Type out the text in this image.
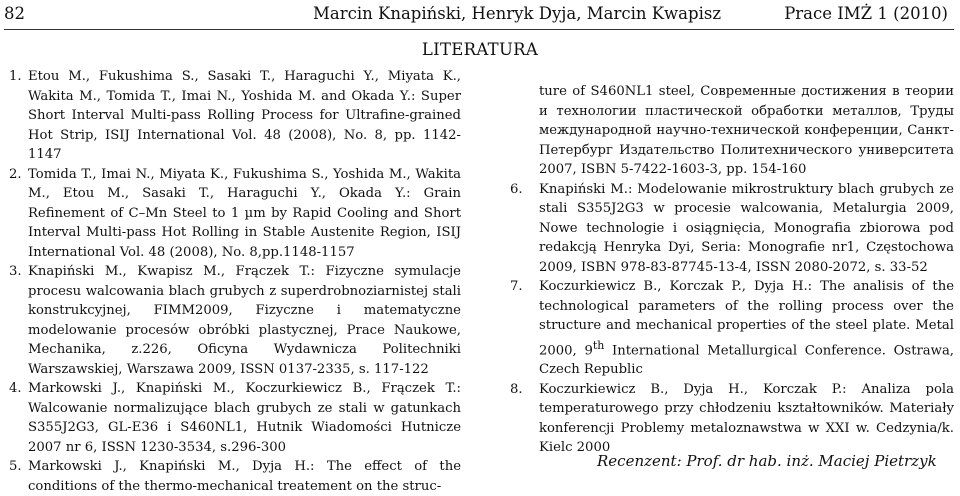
82	Marcin Knapiński, Henryk Dyja, Marcin Kwapisz	Prace IMŻ 1 (2010)
LITERATURA
1. Etou M., Fukushima S., Sasaki T., Haraguchi Y., Miyata K., Wakita M., Tomida T., Imai N., Yoshida M. and Okada Y.: Super Short Interval Multi-pass Rolling Process for Ultrafine-grained Hot Strip, ISIJ International Vol. 48 (2008), No. 8, pp. 1142-1147
2. Tomida T., Imai N., Miyata K., Fukushima S., Yoshida M., Wakita M., Etou M., Sasaki T., Haraguchi Y., Okada Y.: Grain Refinement of C–Mn Steel to 1 µm by Rapid Cooling and Short Interval Multi-pass Hot Rolling in Stable Austenite Region, ISIJ International Vol. 48 (2008), No. 8,pp.1148-1157
3. Knapiński M., Kwapisz M., Frączek T.: Fizyczne symulacje procesu walcowania blach grubych z superdrobnoziarnistej stali konstrukcyjnej, FIMM2009, Fizyczne i matematyczne modelowanie procesów obróbki plastycznej, Prace Naukowe, Mechanika, z.226, Oficyna Wydawnicza Politechniki Warszawskiej, Warszawa 2009, ISSN 0137-2335, s. 117-122
4. Markowski J., Knapiński M., Koczurkiewicz B., Frączek T.: Walcowanie normalizujące blach grubych ze stali w gatunkach S355J2G3, GL-E36 i S460NL1, Hutnik Wiadomości Hutnicze 2007 nr 6, ISSN 1230-3534, s.296-300
5. Markowski J., Knapiński M., Dyja H.: The effect of the conditions of the thermo-mechanical treatement on the struc-
ture of S460NL1 steel, Современные достижения в теории и технологии пластической обработки металлов, Труды международной научно-технической конференции, Санкт-Петербург Издательство Политехнического университета 2007, ISBN 5-7422-1603-3, pp. 154-160
6. Knapiński M.: Modelowanie mikrostruktury blach grubych ze stali S355J2G3 w procesie walcowania, Metalurgia 2009, Nowe technologie i osiągnięcia, Monografia zbiorowa pod redakcją Henryka Dyi, Seria: Monografie nr1, Częstochowa 2009, ISBN 978-83-87745-13-4, ISSN 2080-2072, s. 33-52
7. Koczurkiewicz B., Korczak P., Dyja H.: The analisis of the technological parameters of the rolling process over the structure and mechanical properties of the steel plate. Metal 2000, 9th International Metallurgical Conference. Ostrawa, Czech Republic
8. Koczurkiewicz B., Dyja H., Korczak P.: Analiza pola temperaturowego przy chłodzeniu kształtowników. Materiały konferencji Problemy metaloznawstwa w XXI w. Cedzynia/k. Kielc 2000
Recenzent: Prof. dr hab. inż. Maciej Pietrzyk
